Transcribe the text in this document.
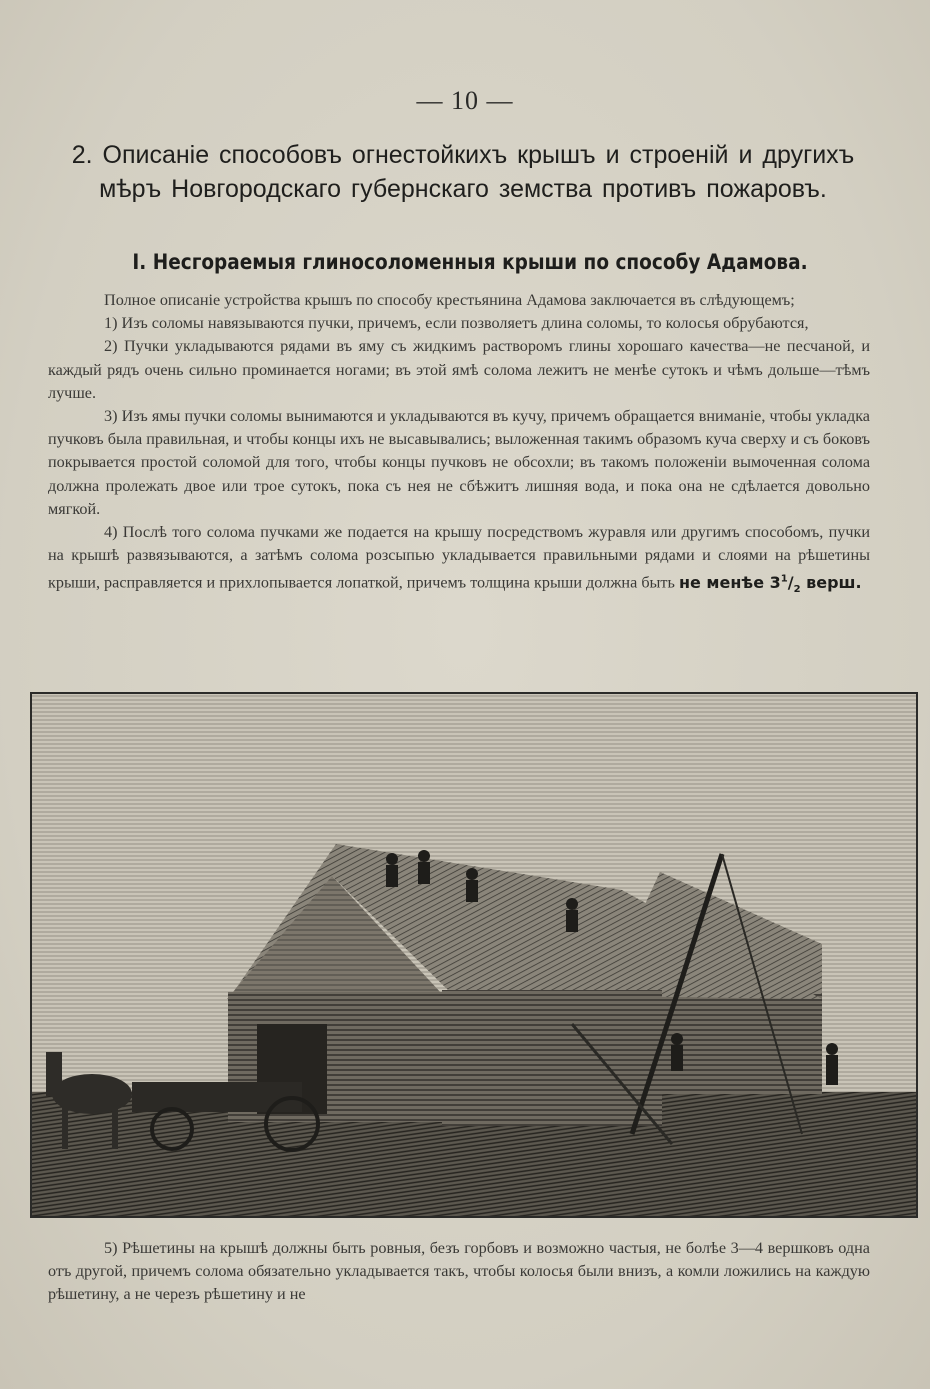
— 10 —
2. Описанiе способовъ огнестойкихъ крышъ и строенiй и другихъ мѣръ Новгородскаго губернскаго земства противъ пожаровъ.
I. Несгораемыя глиносоломенныя крыши по способу Адамова.

Полное описанiе устройства крышъ по способу крестьянина Адамова заключается въ слѣдующемъ;

1) Изъ соломы навязываются пучки, причемъ, если позволяетъ длина соломы, то колосья обрубаются,

2) Пучки укладываются рядами въ яму съ жидкимъ растворомъ глины хорошаго качества—не песчаной, и каждый рядъ очень сильно проминается ногами; въ этой ямѣ солома лежитъ не менѣе сутокъ и чѣмъ дольше—тѣмъ лучше.

3) Изъ ямы пучки соломы вынимаются и укладываются въ кучу, причемъ обращается вниманiе, чтобы укладка пучковъ была правильная, и чтобы концы ихъ не высавывались; выложенная такимъ образомъ куча сверху и съ боковъ покрывается простой соломой для того, чтобы концы пучковъ не обсохли; въ такомъ положенiи вымоченная солома должна пролежать двое или трое сутокъ, пока съ нея не сбѣжитъ лишняя вода, и пока она не сдѣлается довольно мягкой.

4) Послѣ того солома пучками же подается на крышу посредствомъ журавля или другимъ способомъ, пучки на крышѣ развязываются, а затѣмъ солома розсыпью укладывается правильными рядами и слоями на рѣшетины крыши, расправляется и прихлопывается лопаткой, причемъ толщина крыши должна быть не менѣе $3^1/_2$ верш.

5) Рѣшетины на крышѣ должны быть ровныя, безъ горбовъ и возможно частыя, не болѣе 3—4 вершковъ одна отъ другой, причемъ солома обязательно укладывается такъ, чтобы колосья были внизъ, а комли ложились на каждую рѣшетину, а не черезъ рѣшетину и не
